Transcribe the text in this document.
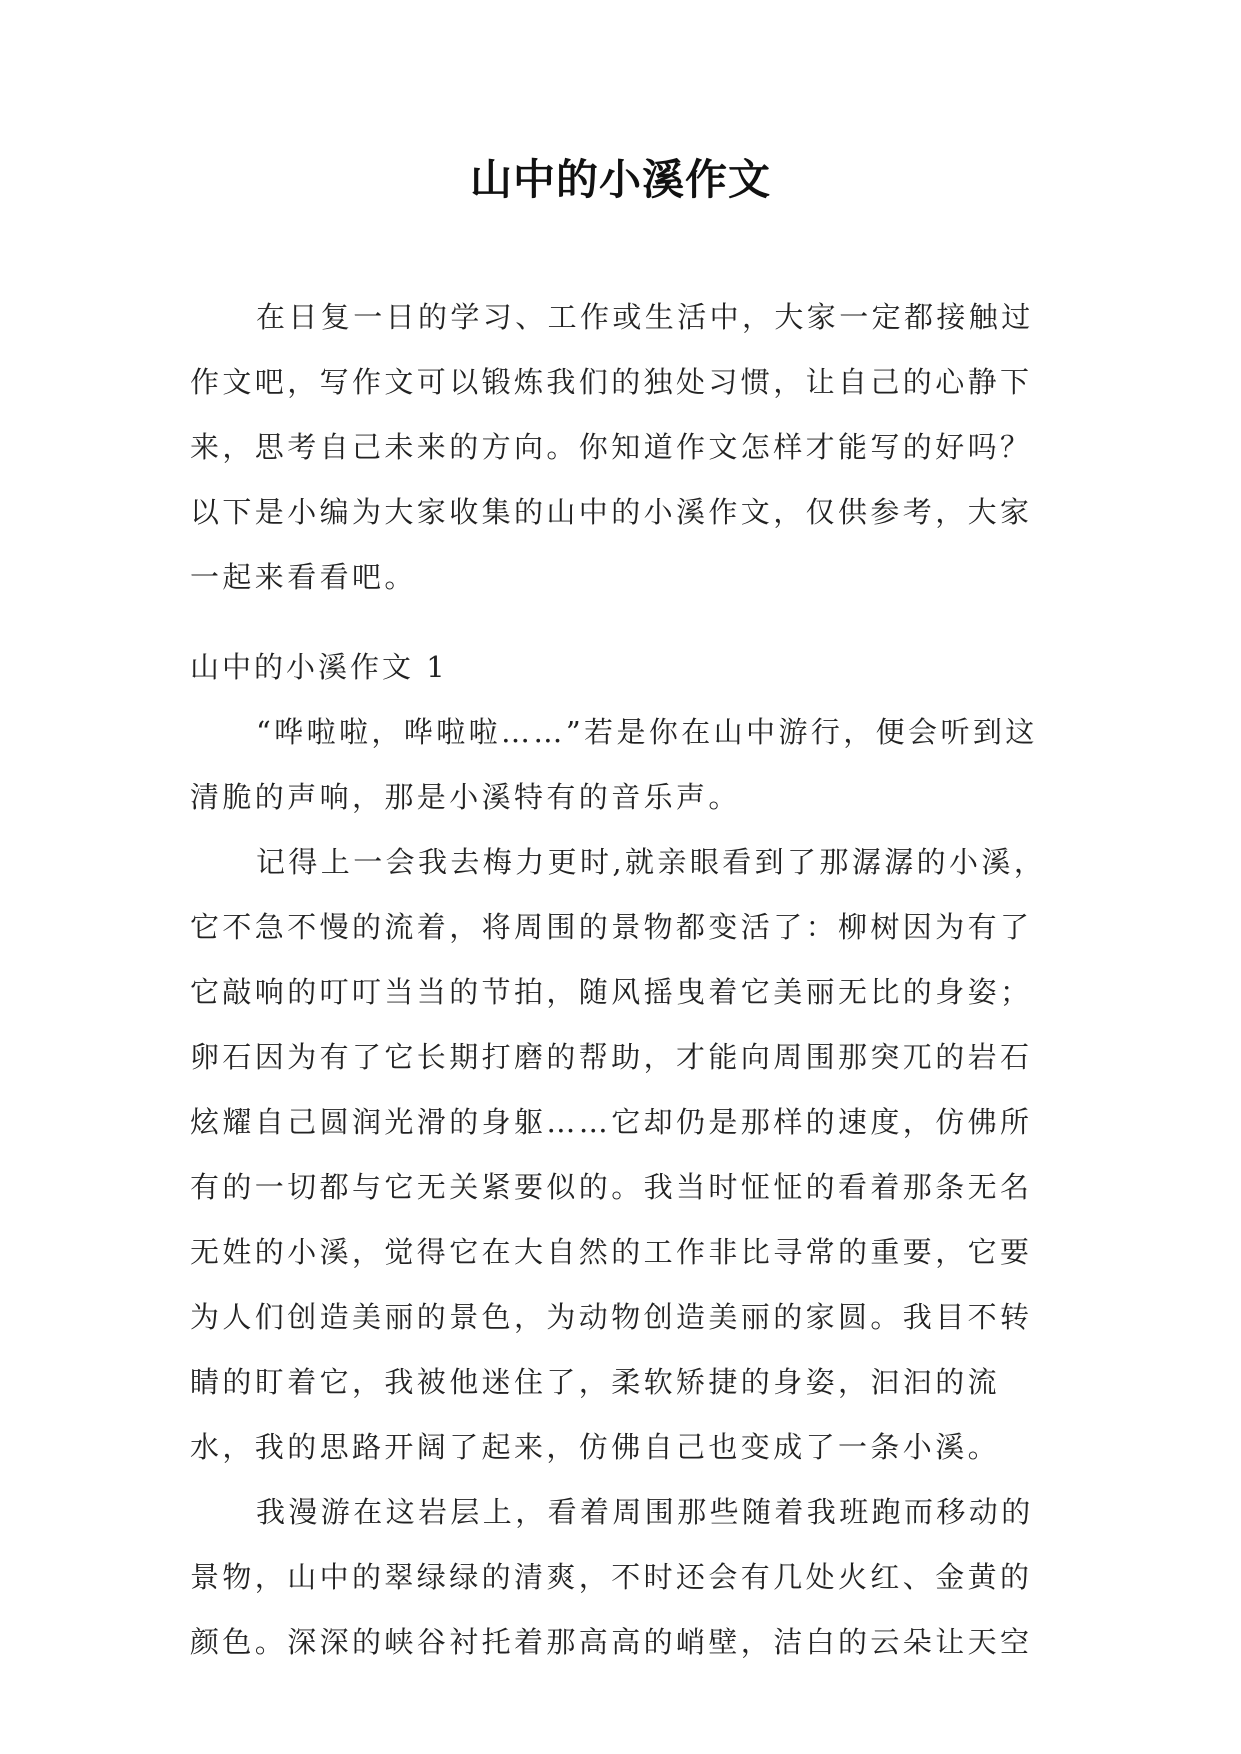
山中的小溪作文

在日复一日的学习、工作或生活中，大家一定都接触过作文吧，写作文可以锻炼我们的独处习惯，让自己的心静下来，思考自己未来的方向。你知道作文怎样才能写的好吗？以下是小编为大家收集的山中的小溪作文，仅供参考，大家一起来看看吧。

山中的小溪作文 1

“哗啦啦，哗啦啦……”若是你在山中游行，便会听到这清脆的声响，那是小溪特有的音乐声。

记得上一会我去梅力更时,就亲眼看到了那潺潺的小溪，它不急不慢的流着，将周围的景物都变活了：柳树因为有了它敲响的叮叮当当的节拍，随风摇曳着它美丽无比的身姿；卵石因为有了它长期打磨的帮助，才能向周围那突兀的岩石炫耀自己圆润光滑的身躯……它却仍是那样的速度，仿佛所有的一切都与它无关紧要似的。我当时怔怔的看着那条无名无姓的小溪，觉得它在大自然的工作非比寻常的重要，它要为人们创造美丽的景色，为动物创造美丽的家圆。我目不转睛的盯着它，我被他迷住了，柔软矫捷的身姿，汩汩的流水，我的思路开阔了起来，仿佛自己也变成了一条小溪。

我漫游在这岩层上，看着周围那些随着我班跑而移动的景物，山中的翠绿绿的清爽，不时还会有几处火红、金黄的颜色。深深的峡谷衬托着那高高的峭壁，洁白的云朵让天空
